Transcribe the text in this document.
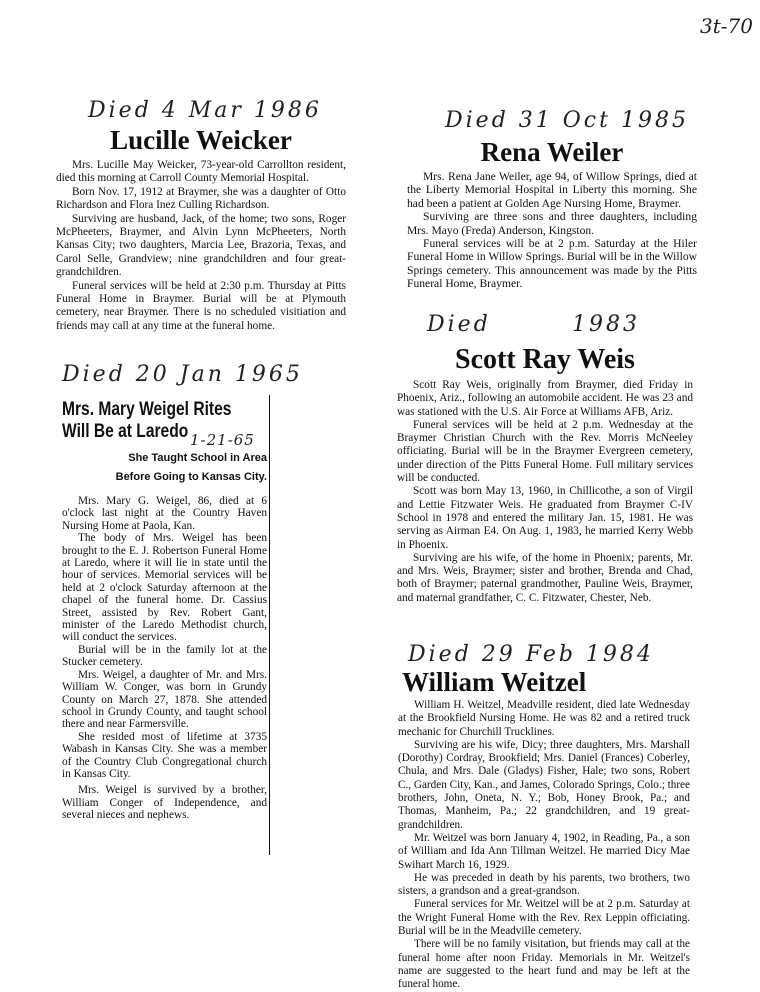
3t-70
Died 4 Mar 1986
Lucille Weicker

Mrs. Lucille May Weicker, 73-year-old Carrollton resident, died this morning at Carroll County Memorial Hospital.

Born Nov. 17, 1912 at Braymer, she was a daughter of Otto Richardson and Flora Inez Culling Richardson.

Surviving are husband, Jack, of the home; two sons, Roger McPheeters, Braymer, and Alvin Lynn McPheeters, North Kansas City; two daughters, Marcia Lee, Brazoria, Texas, and Carol Selle, Grandview; nine grandchildren and four great-grandchildren.

Funeral services will be held at 2:30 p.m. Thursday at Pitts Funeral Home in Braymer. Burial will be at Plymouth cemetery, near Braymer. There is no scheduled visitiation and friends may call at any time at the funeral home.

Died 20 Jan 1965
Mrs. Mary Weigel Rites
Will Be at Laredo 1-21-65
She Taught School in Area
Before Going to Kansas City.

Mrs. Mary G. Weigel, 86, died at 6 o'clock last night at the Country Haven Nursing Home at Paola, Kan.

The body of Mrs. Weigel has been brought to the E. J. Robertson Funeral Home at Laredo, where it will lie in state until the hour of services. Memorial services will be held at 2 o'clock Saturday afternoon at the chapel of the funeral home. Dr. Cassius Street, assisted by Rev. Robert Gant, minister of the Laredo Methodist church, will conduct the services.

Burial will be in the family lot at the Stucker cemetery.

Mrs. Weigel, a daughter of Mr. and Mrs. William W. Conger, was born in Grundy County on March 27, 1878. She attended school in Grundy County, and taught school there and near Farmersville.

She resided most of lifetime at 3735 Wabash in Kansas City. She was a member of the Country Club Congregational church in Kansas City.

Mrs. Weigel is survived by a brother, William Conger of Independence, and several nieces and nephews.

Died 31 Oct 1985
Rena Weiler

Mrs. Rena Jane Weiler, age 94, of Willow Springs, died at the Liberty Memorial Hospital in Liberty this morning. She had been a patient at Golden Age Nursing Home, Braymer.

Surviving are three sons and three daughters, including Mrs. Mayo (Freda) Anderson, Kingston.

Funeral services will be at 2 p.m. Saturday at the Hiler Funeral Home in Willow Springs. Burial will be in the Willow Springs cemetery. This announcement was made by the Pitts Funeral Home, Braymer.

Died	1983
Scott Ray Weis

Scott Ray Weis, originally from Braymer, died Friday in Phoenix, Ariz., following an automobile accident. He was 23 and was stationed with the U.S. Air Force at Williams AFB, Ariz.

Funeral services will be held at 2 p.m. Wednesday at the Braymer Christian Church with the Rev. Morris McNeeley officiating. Burial will be in the Braymer Evergreen cemetery, under direction of the Pitts Funeral Home. Full military services will be conducted.

Scott was born May 13, 1960, in Chillicothe, a son of Virgil and Lettie Fitzwater Weis. He graduated from Braymer C-IV School in 1978 and entered the military Jan. 15, 1981. He was serving as Airman E4. On Aug. 1, 1983, he married Kerry Webb in Phoenix.

Surviving are his wife, of the home in Phoenix; parents, Mr. and Mrs. Weis, Braymer; sister and brother, Brenda and Chad, both of Braymer; paternal grandmother, Pauline Weis, Braymer, and maternal grandfather, C. C. Fitzwater, Chester, Neb.

Died 29 Feb 1984
William Weitzel

William H. Weitzel, Meadville resident, died late Wednesday at the Brookfield Nursing Home. He was 82 and a retired truck mechanic for Churchill Trucklines.

Surviving are his wife, Dicy; three daughters, Mrs. Marshall (Dorothy) Cordray, Brookfield; Mrs. Daniel (Frances) Coberley, Chula, and Mrs. Dale (Gladys) Fisher, Hale; two sons, Robert C., Garden City, Kan., and James, Colorado Springs, Colo.; three brothers, John, Oneta, N. Y.; Bob, Honey Brook, Pa.; and Thomas, Manheim, Pa.; 22 grandchildren, and 19 great-grandchildren.

Mr. Weitzel was born January 4, 1902, in Reading, Pa., a son of William and Ida Ann Tillman Weitzel. He married Dicy Mae Swihart March 16, 1929.

He was preceded in death by his parents, two brothers, two sisters, a grandson and a great-grandson.

Funeral services for Mr. Weitzel will be at 2 p.m. Saturday at the Wright Funeral Home with the Rev. Rex Leppin officiating. Burial will be in the Meadville cemetery.

There will be no family visitation, but friends may call at the funeral home after noon Friday. Memorials in Mr. Weitzel's name are suggested to the heart fund and may be left at the funeral home.
